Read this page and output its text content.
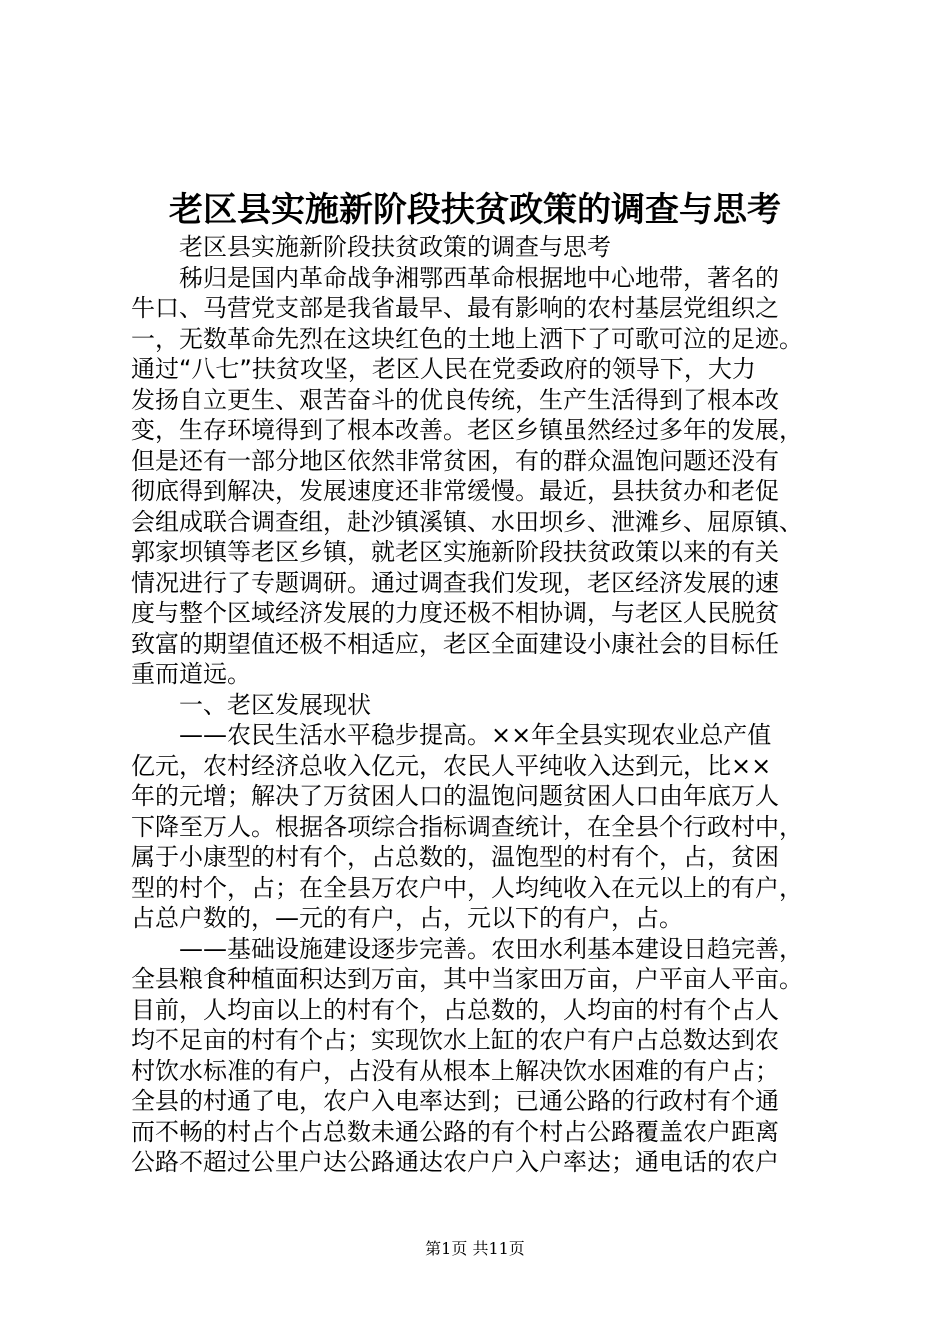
老区县实施新阶段扶贫政策的调查与思考
　　老区县实施新阶段扶贫政策的调查与思考
　　秭归是国内革命战争湘鄂西革命根据地中心地带，著名的
牛口、马营党支部是我省最早、最有影响的农村基层党组织之
一，无数革命先烈在这块红色的土地上洒下了可歌可泣的足迹。
通过“八七”扶贫攻坚，老区人民在党委政府的领导下，大力
发扬自立更生、艰苦奋斗的优良传统，生产生活得到了根本改
变，生存环境得到了根本改善。老区乡镇虽然经过多年的发展，
但是还有一部分地区依然非常贫困，有的群众温饱问题还没有
彻底得到解决，发展速度还非常缓慢。最近，县扶贫办和老促
会组成联合调查组，赴沙镇溪镇、水田坝乡、泄滩乡、屈原镇、
郭家坝镇等老区乡镇，就老区实施新阶段扶贫政策以来的有关
情况进行了专题调研。通过调查我们发现，老区经济发展的速
度与整个区域经济发展的力度还极不相协调，与老区人民脱贫
致富的期望值还极不相适应，老区全面建设小康社会的目标任
重而道远。
　　一、老区发展现状
　　——农民生活水平稳步提高。××年全县实现农业总产值
亿元，农村经济总收入亿元，农民人平纯收入达到元，比××
年的元增；解决了万贫困人口的温饱问题贫困人口由年底万人
下降至万人。根据各项综合指标调查统计，在全县个行政村中，
属于小康型的村有个，占总数的，温饱型的村有个，占，贫困
型的村个，占；在全县万农户中，人均纯收入在元以上的有户，
占总户数的，—元的有户，占，元以下的有户，占。
　　——基础设施建设逐步完善。农田水利基本建设日趋完善，
全县粮食种植面积达到万亩，其中当家田万亩，户平亩人平亩。
目前，人均亩以上的村有个，占总数的，人均亩的村有个占人
均不足亩的村有个占；实现饮水上缸的农户有户占总数达到农
村饮水标准的有户，占没有从根本上解决饮水困难的有户占；
全县的村通了电，农户入电率达到；已通公路的行政村有个通
而不畅的村占个占总数未通公路的有个村占公路覆盖农户距离
公路不超过公里户达公路通达农户户入户率达；通电话的农户
第1页 共11页
